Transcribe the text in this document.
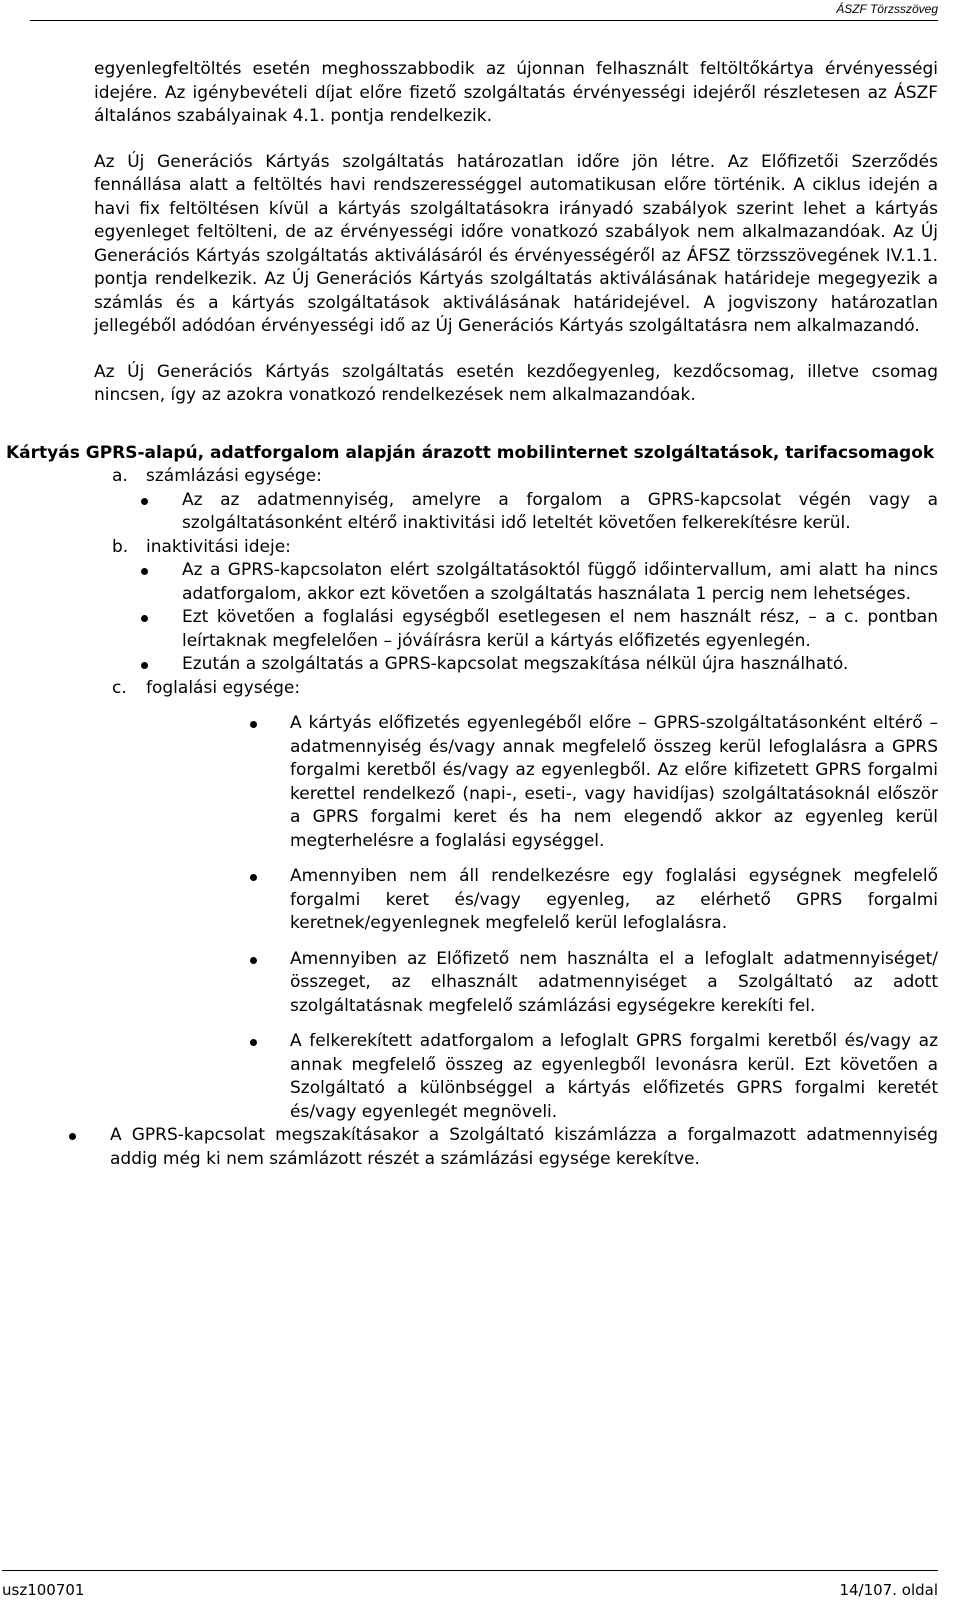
ÁSZF Törzsszöveg

egyenlegfeltöltés esetén meghosszabbodik az újonnan felhasznált feltöltőkártya érvényességi idejére. Az igénybevételi díjat előre fizető szolgáltatás érvényességi idejéről részletesen az ÁSZF általános szabályainak 4.1. pontja rendelkezik.

Az Új Generációs Kártyás szolgáltatás határozatlan időre jön létre. Az Előfizetői Szerződés fennállása alatt a feltöltés havi rendszerességgel automatikusan előre történik. A ciklus idején a havi fix feltöltésen kívül a kártyás szolgáltatásokra irányadó szabályok szerint lehet a kártyás egyenleget feltölteni, de az érvényességi időre vonatkozó szabályok nem alkalmazandóak. Az Új Generációs Kártyás szolgáltatás aktiválásáról és érvényességéről az ÁFSZ törzsszövegének IV.1.1. pontja rendelkezik. Az Új Generációs Kártyás szolgáltatás aktiválásának határideje megegyezik a számlás és a kártyás szolgáltatások aktiválásának határidejével. A jogviszony határozatlan jellegéből adódóan érvényességi idő az Új Generációs Kártyás szolgáltatásra nem alkalmazandó.

Az Új Generációs Kártyás szolgáltatás esetén kezdőegyenleg, kezdőcsomag, illetve csomag nincsen, így az azokra vonatkozó rendelkezések nem alkalmazandóak.

Kártyás GPRS-alapú, adatforgalom alapján árazott mobilinternet szolgáltatások, tarifacsomagok
a.	számlázási egysége:
Az az adatmennyiség, amelyre a forgalom a GPRS-kapcsolat végén vagy a szolgáltatásonként eltérő inaktivitási idő leteltét követően felkerekítésre kerül.
b.	inaktivitási ideje:
Az a GPRS-kapcsolaton elért szolgáltatásoktól függő időintervallum, ami alatt ha nincs adatforgalom, akkor ezt követően a szolgáltatás használata 1 percig nem lehetséges.
Ezt követően a foglalási egységből esetlegesen el nem használt rész, – a c. pontban leírtaknak megfelelően – jóváírásra kerül a kártyás előfizetés egyenlegén.
Ezután a szolgáltatás a GPRS-kapcsolat megszakítása nélkül újra használható.
c.	foglalási egysége:
A kártyás előfizetés egyenlegéből előre – GPRS-szolgáltatásonként eltérő – adatmennyiség és/vagy annak megfelelő összeg kerül lefoglalásra a GPRS forgalmi keretből és/vagy az egyenlegből. Az előre kifizetett GPRS forgalmi kerettel rendelkező (napi-, eseti-, vagy havidíjas) szolgáltatásoknál először a GPRS forgalmi keret és ha nem elegendő akkor az egyenleg kerül megterhelésre a foglalási egységgel.
Amennyiben nem áll rendelkezésre egy foglalási egységnek megfelelő forgalmi keret és/vagy egyenleg, az elérhető GPRS forgalmi keretnek/egyenlegnek megfelelő kerül lefoglalásra.
Amennyiben az Előfizető nem használta el a lefoglalt adatmennyiséget/összeget, az elhasznált adatmennyiséget a Szolgáltató az adott szolgáltatásnak megfelelő számlázási egységekre kerekíti fel.
A felkerekített adatforgalom a lefoglalt GPRS forgalmi keretből és/vagy az annak megfelelő összeg az egyenlegből levonásra kerül. Ezt követően a Szolgáltató a különbséggel a kártyás előfizetés GPRS forgalmi keretét és/vagy egyenlegét megnöveli.
A GPRS-kapcsolat megszakításakor a Szolgáltató kiszámlázza a forgalmazott adatmennyiség addig még ki nem számlázott részét a számlázási egysége kerekítve.
usz100701	14/107. oldal
